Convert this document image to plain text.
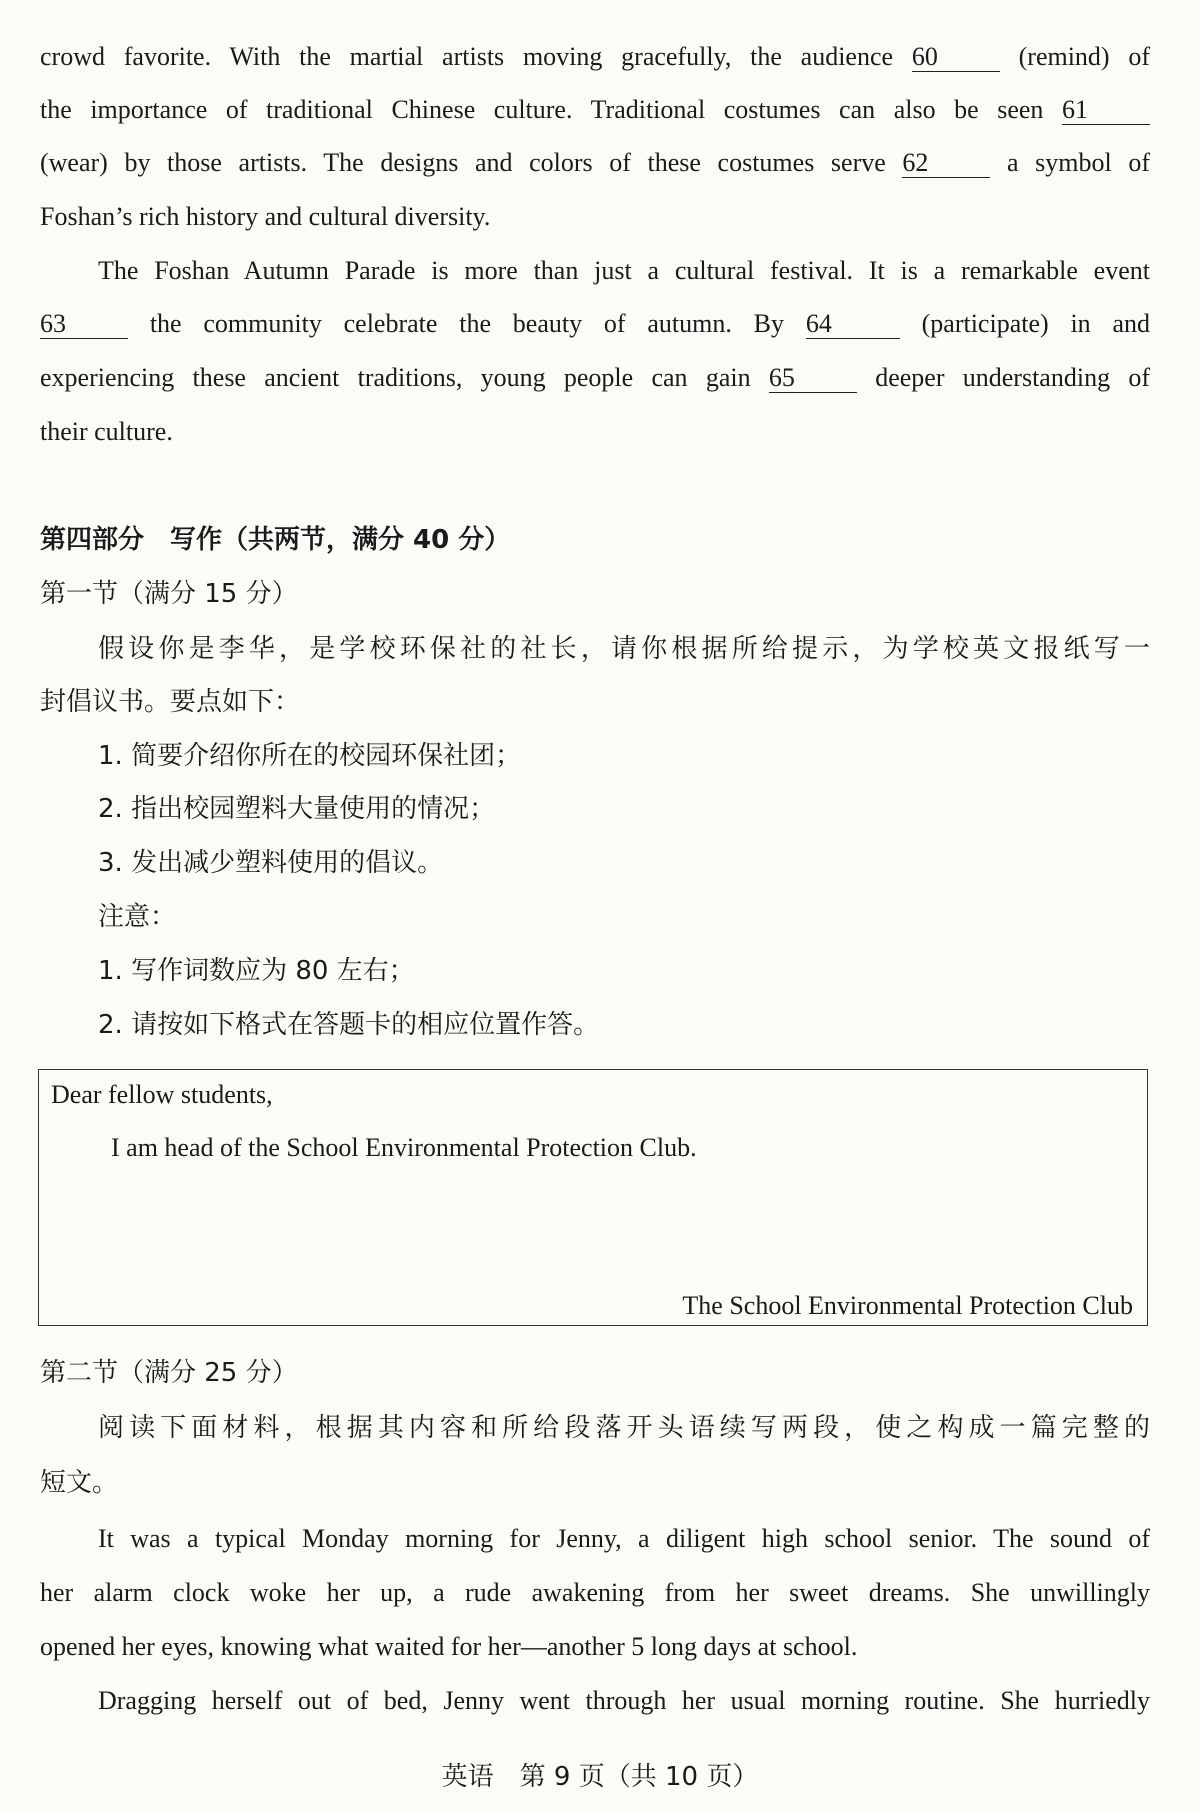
crowd favorite. With the martial artists moving gracefully, the audience 60	(remind) of
the importance of traditional Chinese culture. Traditional costumes can also be seen 61
(wear) by those artists. The designs and colors of these costumes serve 62	a symbol of
Foshan’s rich history and cultural diversity.
The Foshan Autumn Parade is more than just a cultural festival. It is a remarkable event
63	the community celebrate the beauty of autumn. By 64	(participate) in and
experiencing these ancient traditions, young people can gain 65	deeper understanding of
their culture.
第四部分　写作（共两节，满分 40 分）
第一节（满分 15 分）
假设你是李华，是学校环保社的社长，请你根据所给提示，为学校英文报纸写一
封倡议书。要点如下：
1. 简要介绍你所在的校园环保社团；
2. 指出校园塑料大量使用的情况；
3. 发出减少塑料使用的倡议。
注意：
1. 写作词数应为 80 左右；
2. 请按如下格式在答题卡的相应位置作答。
Dear fellow students,
I am head of the School Environmental Protection Club.
The School Environmental Protection Club
第二节（满分 25 分）
阅读下面材料，根据其内容和所给段落开头语续写两段，使之构成一篇完整的
短文。
It was a typical Monday morning for Jenny, a diligent high school senior. The sound of
her alarm clock woke her up, a rude awakening from her sweet dreams. She unwillingly
opened her eyes, knowing what waited for her—another 5 long days at school.
Dragging herself out of bed, Jenny went through her usual morning routine. She hurriedly
英语　第 9 页（共 10 页）
